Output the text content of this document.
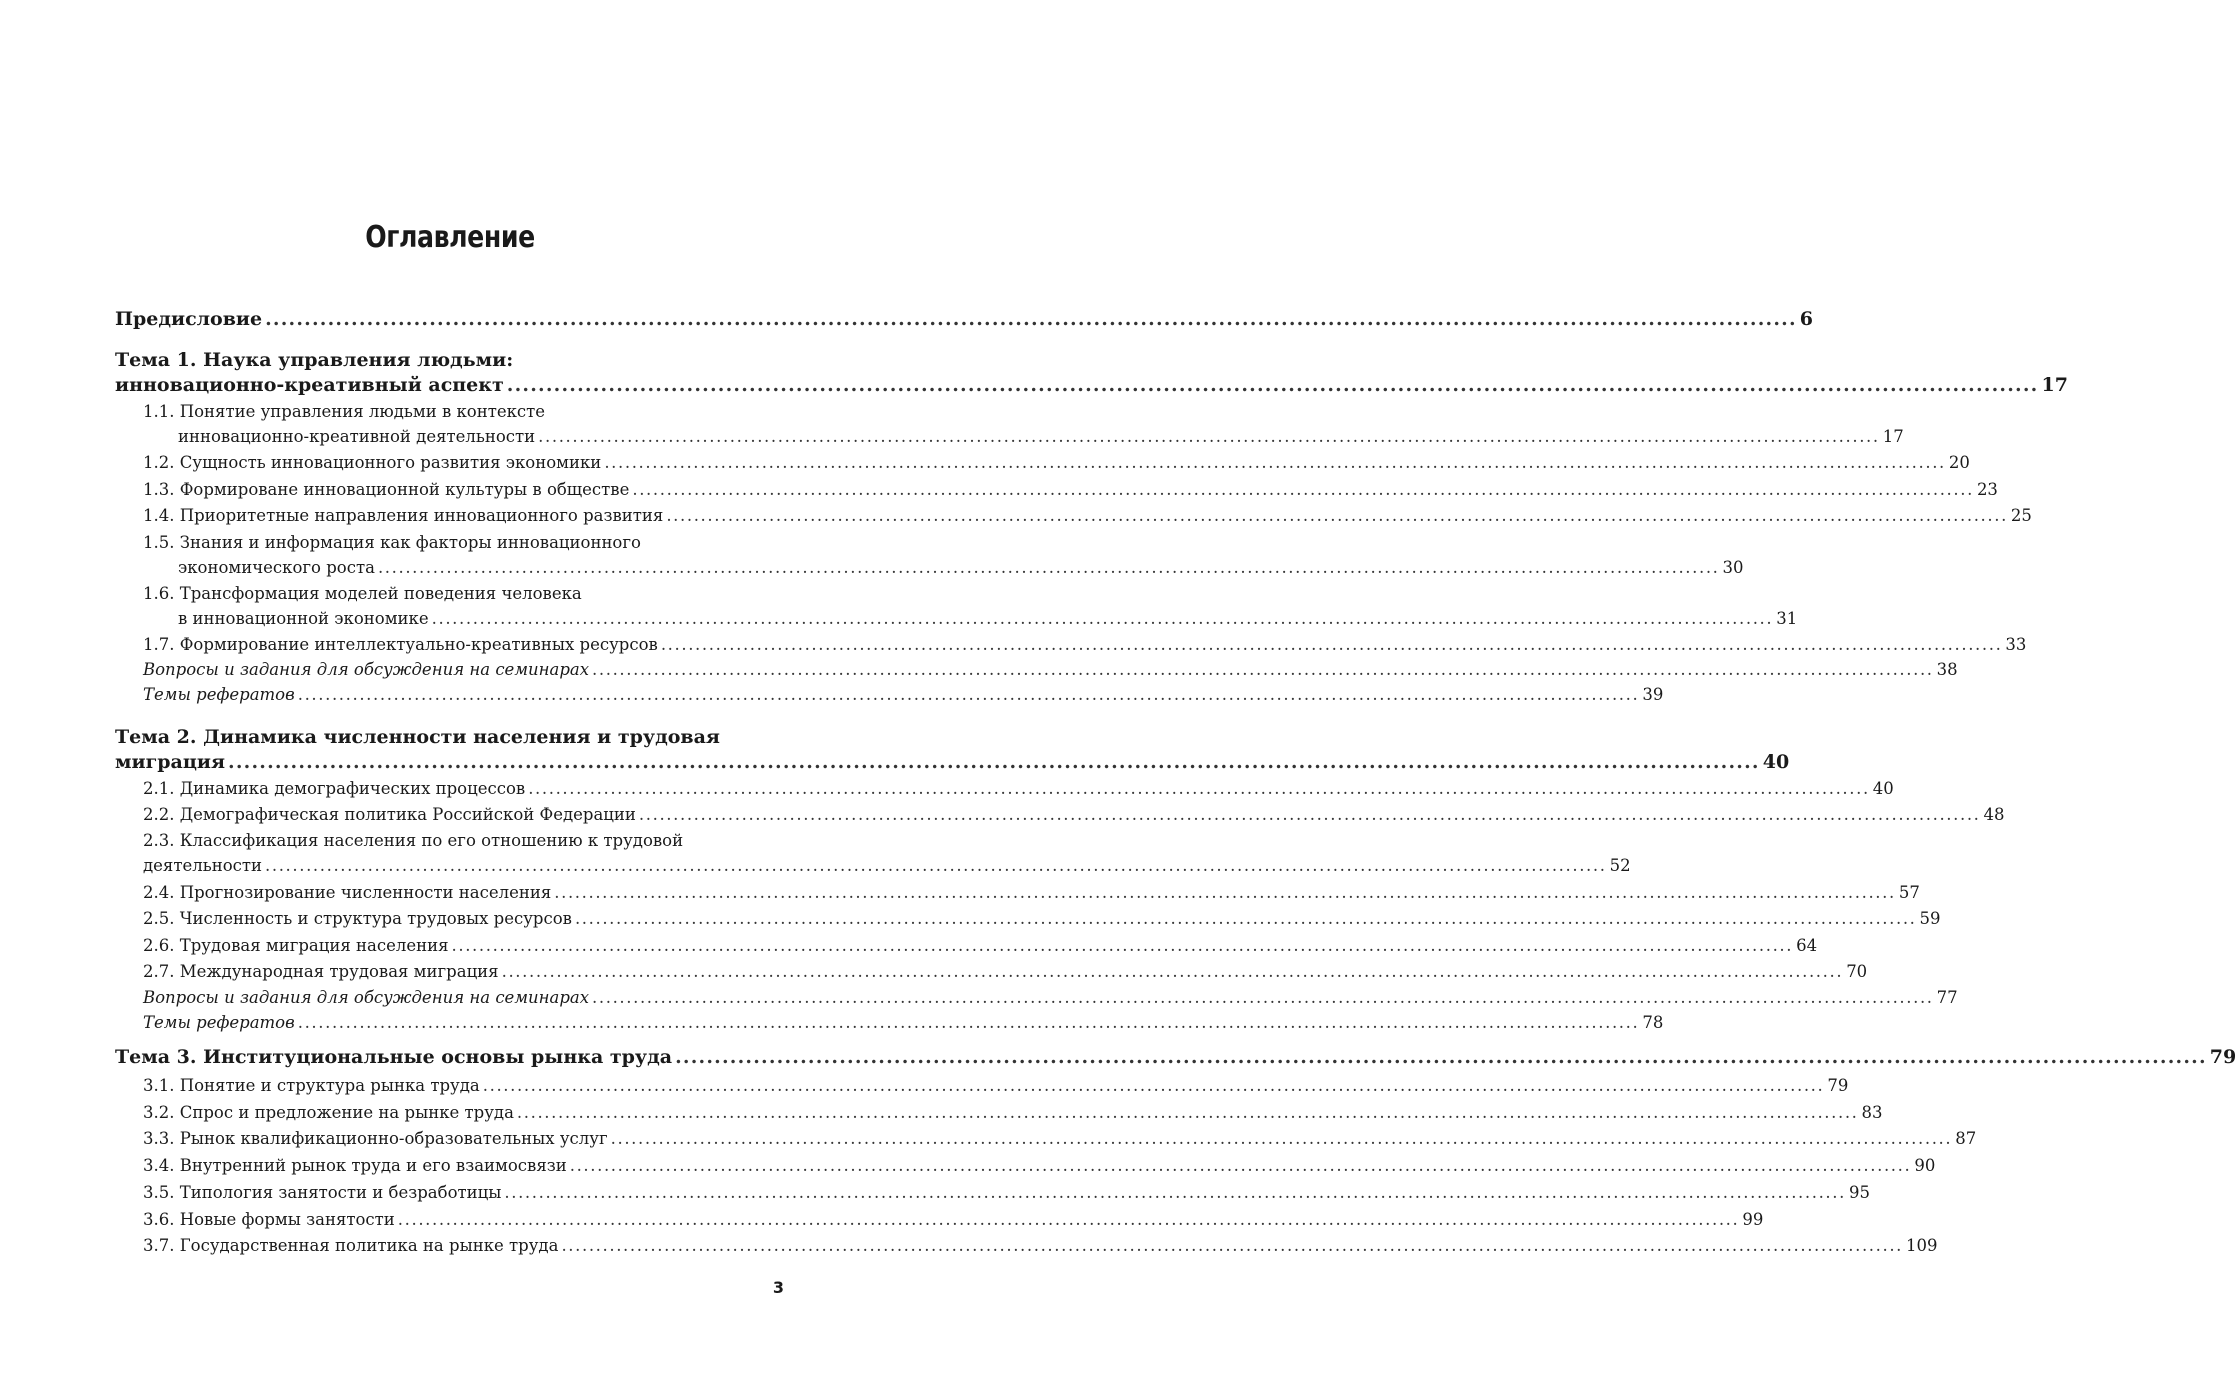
Оглавление
Предисловие .................................................................................................................................................................................................... 6
Тема 1. Наука управления людьми:
инновационно-креативный аспект .................................................................................................................................................................................................... 17
1.1. Понятие управления людьми в контексте
инновационно-креативной деятельности .................................................................................................................................................................................................... 17
1.2. Сущность инновационного развития экономики .................................................................................................................................................................................................... 20
1.3. Формироване инновационной культуры в обществе .................................................................................................................................................................................................... 23
1.4. Приоритетные направления инновационного развития .................................................................................................................................................................................................... 25
1.5. Знания и информация как факторы инновационного
экономического роста .................................................................................................................................................................................................... 30
1.6. Трансформация моделей поведения человека
в инновационной экономике .................................................................................................................................................................................................... 31
1.7. Формирование интеллектуально-креативных ресурсов .................................................................................................................................................................................................... 33
Вопросы и задания для обсуждения на семинарах .................................................................................................................................................................................................... 38
Темы рефератов .................................................................................................................................................................................................... 39
Тема 2. Динамика численности населения и трудовая
миграция .................................................................................................................................................................................................... 40
2.1. Динамика демографических процессов .................................................................................................................................................................................................... 40
2.2. Демографическая политика Российской Федерации .................................................................................................................................................................................................... 48
2.3. Классификация населения по его отношению к трудовой
деятельности .................................................................................................................................................................................................... 52
2.4. Прогнозирование численности населения .................................................................................................................................................................................................... 57
2.5. Численность и структура трудовых ресурсов .................................................................................................................................................................................................... 59
2.6. Трудовая миграция населения .................................................................................................................................................................................................... 64
2.7. Международная трудовая миграция .................................................................................................................................................................................................... 70
Вопросы и задания для обсуждения на семинарах .................................................................................................................................................................................................... 77
Темы рефератов .................................................................................................................................................................................................... 78
Тема 3. Институциональные основы рынка труда .................................................................................................................................................................................................... 79
3.1. Понятие и структура рынка труда .................................................................................................................................................................................................... 79
3.2. Спрос и предложение на рынке труда .................................................................................................................................................................................................... 83
3.3. Рынок квалификационно-образовательных услуг .................................................................................................................................................................................................... 87
3.4. Внутренний рынок труда и его взаимосвязи .................................................................................................................................................................................................... 90
3.5. Типология занятости и безработицы .................................................................................................................................................................................................... 95
3.6. Новые формы занятости .................................................................................................................................................................................................... 99
3.7. Государственная политика на рынке труда .................................................................................................................................................................................................... 109
3
